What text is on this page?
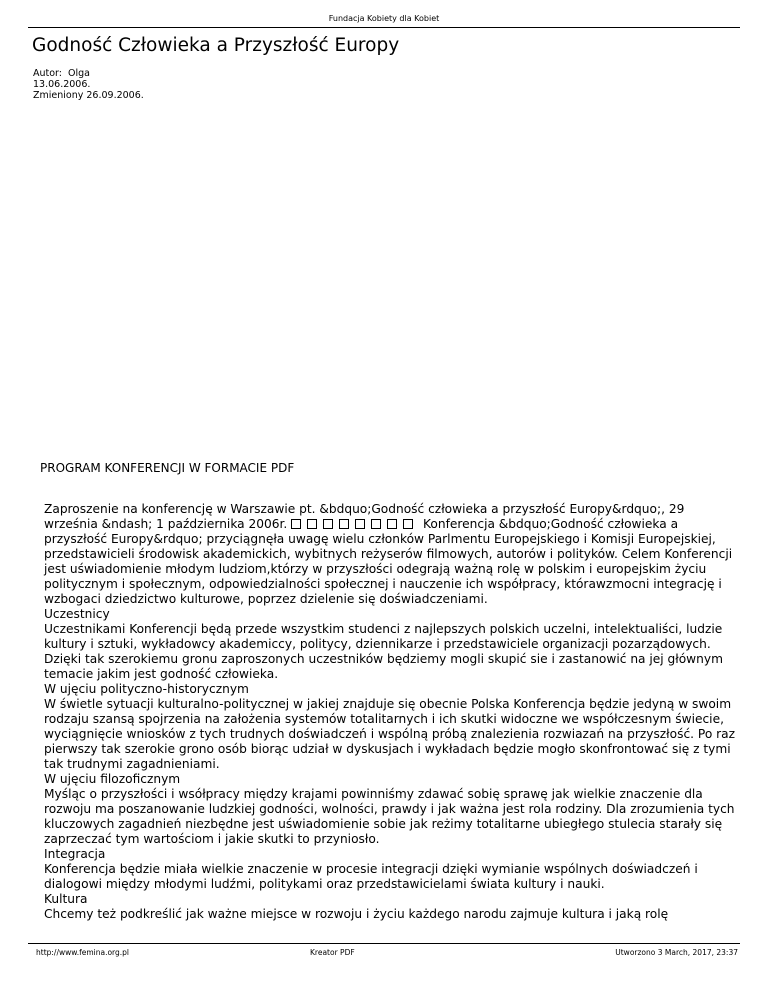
Fundacja Kobiety dla Kobiet
Godność Człowieka a Przyszłość Europy
Autor:  Olga
13.06.2006.
Zmieniony 26.09.2006.
PROGRAM KONFERENCJI W FORMACIE PDF

Zaproszenie na konferencję w Warszawie pt. &bdquo;Godność człowieka a przyszłość Europy&rdquo;, 29 września &ndash; 1 października 2006r.	Konferencja &bdquo;Godność człowieka a przyszłość Europy&rdquo; przyciągnęła uwagę wielu członków Parlmentu Europejskiego i Komisji Europejskiej, przedstawicieli środowisk akademickich, wybitnych reżyserów filmowych, autorów i polityków. Celem Konferencji jest uświadomienie młodym ludziom,którzy w przyszłości odegrają ważną rolę w polskim i europejskim życiu politycznym i społecznym, odpowiedzialności społecznej i nauczenie ich współpracy, którawzmocni integrację i wzbogaci dziedzictwo kulturowe, poprzez dzielenie się doświadczeniami.

Uczestnicy

Uczestnikami Konferencji będą przede wszystkim studenci z najlepszych polskich uczelni, intelektualiści, ludzie kultury i sztuki, wykładowcy akademiccy, politycy, dziennikarze i przedstawiciele organizacji pozarządowych. Dzięki tak szerokiemu gronu zaproszonych uczestników będziemy mogli skupić sie i zastanowić na jej głównym temacie jakim jest godność człowieka.

W ujęciu polityczno-historycznym

W świetle sytuacji kulturalno-politycznej w jakiej znajduje się obecnie Polska Konferencja będzie jedyną w swoim rodzaju szansą spojrzenia na założenia systemów totalitarnych i ich skutki widoczne we współczesnym świecie, wyciągnięcie wniosków z tych trudnych doświadczeń i wspólną próbą znalezienia rozwiazań na przyszłość. Po raz pierwszy tak szerokie grono osób biorąc udział w dyskusjach i wykładach będzie mogło skonfrontować się z tymi tak trudnymi zagadnieniami.

W ujęciu filozoficznym

Myśląc o przyszłości i wsółpracy między krajami powinniśmy zdawać sobię sprawę jak wielkie znaczenie dla rozwoju ma poszanowanie ludzkiej godności, wolności, prawdy i jak ważna jest rola rodziny. Dla zrozumienia tych kluczowych zagadnień niezbędne jest uświadomienie sobie jak reżimy totalitarne ubiegłego stulecia starały się zaprzeczać tym wartościom i jakie skutki to przyniosło.

Integracja

Konferencja będzie miała wielkie znaczenie w procesie integracji dzięki wymianie wspólnych doświadczeń i dialogowi między młodymi ludźmi, politykami oraz przedstawicielami świata kultury i nauki.

Kultura

Chcemy też podkreślić jak ważne miejsce w rozwoju i życiu każdego narodu zajmuje kultura i jaką rolę

http://www.femina.org.pl	Kreator PDF	Utworzono 3 March, 2017, 23:37
